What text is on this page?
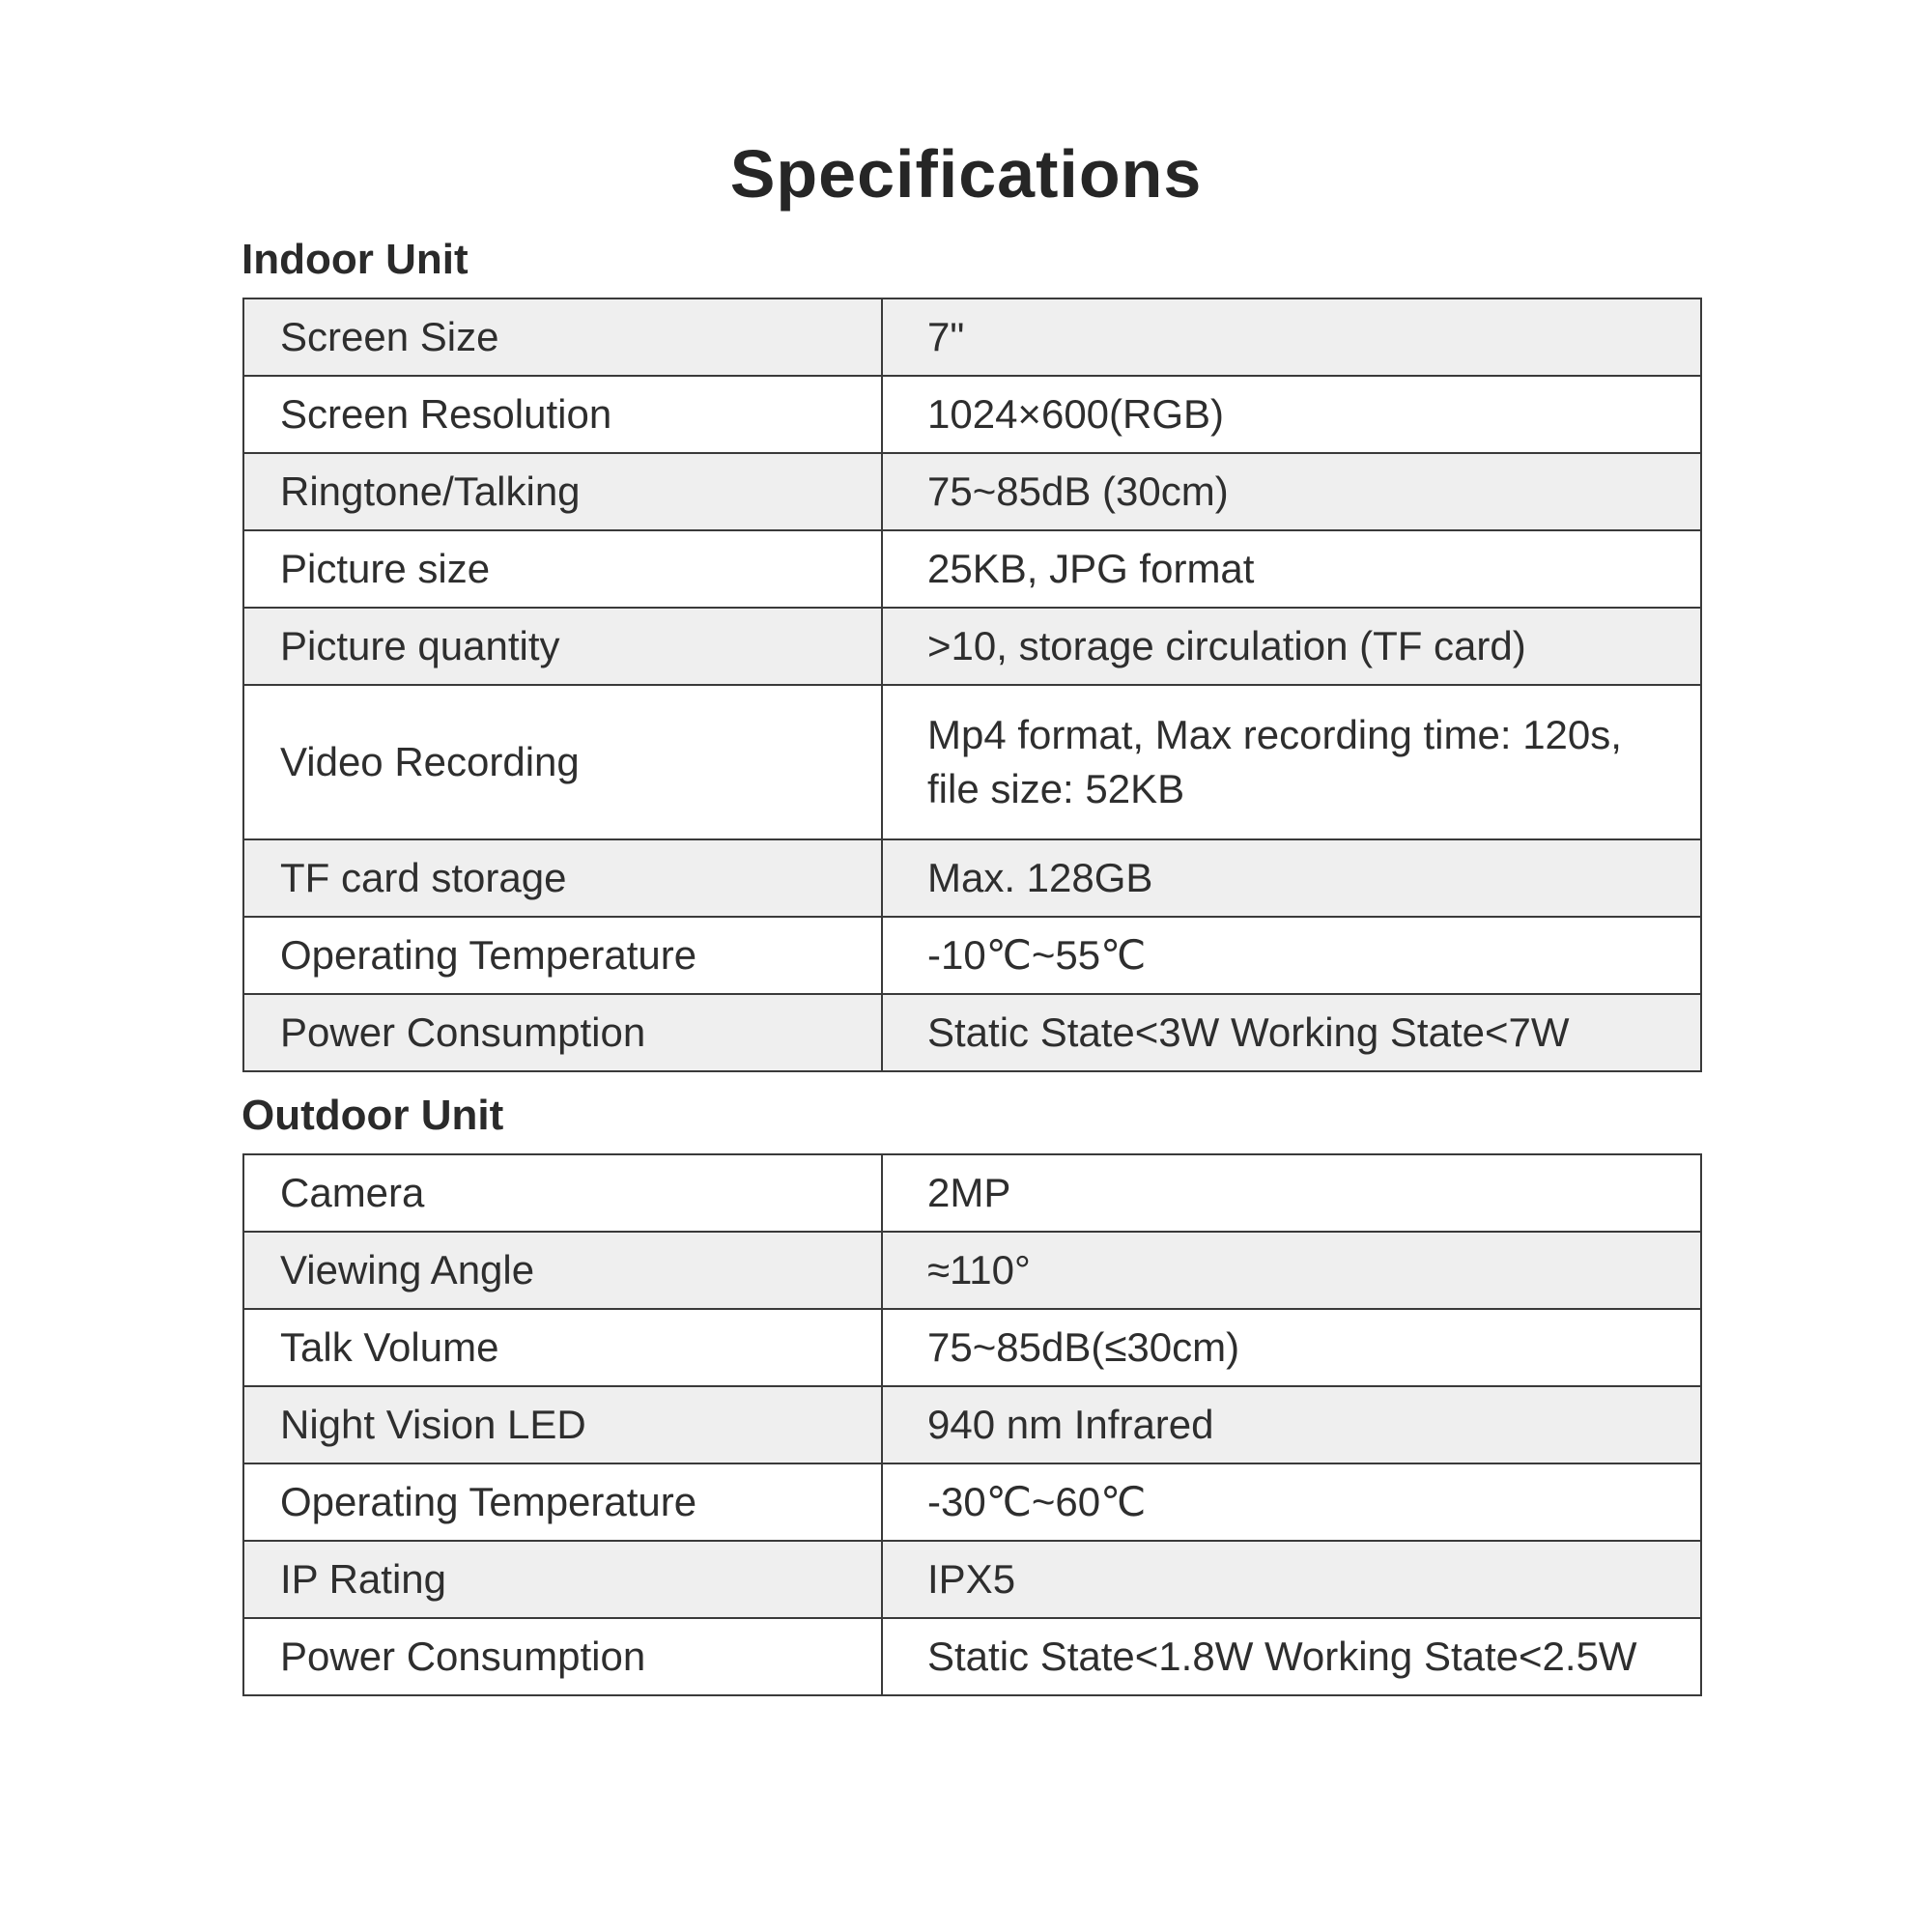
Specifications
Indoor Unit
Screen Size	7"
Screen Resolution	1024×600(RGB)
Ringtone/Talking	75~85dB (30cm)
Picture size	25KB, JPG format
Picture quantity	>10, storage circulation (TF card)
Video Recording	Mp4 format, Max recording time: 120s, file size: 52KB
TF card storage	Max. 128GB
Operating Temperature	-10℃~55℃
Power Consumption	Static State<3W Working State<7W
Outdoor Unit
Camera	2MP
Viewing Angle	≈110°
Talk Volume	75~85dB(≤30cm)
Night Vision LED	940 nm Infrared
Operating Temperature	-30℃~60℃
IP Rating	IPX5
Power Consumption	Static State<1.8W Working State<2.5W
